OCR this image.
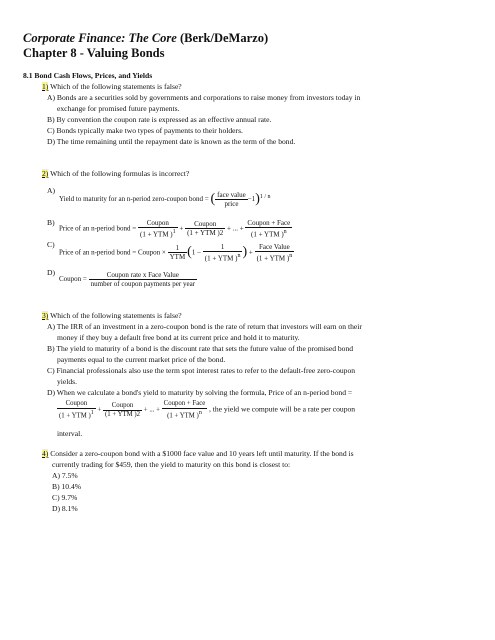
Corporate Finance: The Core (Berk/DeMarzo)
Chapter 8 - Valuing Bonds
8.1 Bond Cash Flows, Prices, and Yields
1) Which of the following statements is false?
A) Bonds are a securities sold by governments and corporations to raise money from investors today in
exchange for promised future payments.
B) By convention the coupon rate is expressed as an effective annual rate.
C) Bonds typically make two types of payments to their holders.
D) The time remaining until the repayment date is known as the term of the bond.
2) Which of the following formulas is incorrect?
A)
Yield to maturity for an n-period zero-coupon bond = ( $\frac{\text{face value}}{\text{price}} -1)^{1 / n}$
B)
Price of an n-period bond = $\frac{\text{Coupon}}{(1 + YTM )^1} + \frac{\text{Coupon}}{\text{(1 + YTM )2}}$ + ... + $\frac{\text{Coupon + Face}}{(1 + YTM )^n}$
C)
Price of an n-period bond = Coupon × $\frac{1}{\text{YTM}} (1 - \frac{1}{(1 + YTM )^n}$ ) + $\frac{\text{Face Value}}{(1 + YTM )^n}$
D)
Coupon = $\frac{\text{Coupon rate x Face Value}}{\text{number of coupon payments per year}}$
3) Which of the following statements is false?
A) The IRR of an investment in a zero-coupon bond is the rate of return that investors will earn on their
money if they buy a default free bond at its current price and hold it to maturity.
B) The yield to maturity of a bond is the discount rate that sets the future value of the promised bond
payments equal to the current market price of the bond.
C) Financial professionals also use the term spot interest rates to refer to the default-free zero-coupon
yields.
D) When we calculate a bond's yield to maturity by solving the formula, Price of an n-period bond =
$\frac{\text{Coupon}}{(1 + YTM )^1} + \frac{\text{Coupon}}{\text{(1 + YTM )2}}$ + ... + $\frac{\text{Coupon + Face}}{(1 + YTM )^n}$ , the yield we compute will be a rate per coupon
interval.
4) Consider a zero-coupon bond with a $1000 face value and 10 years left until maturity. If the bond is
currently trading for $459, then the yield to maturity on this bond is closest to:
A) 7.5%
B) 10.4%
C) 9.7%
D) 8.1%
